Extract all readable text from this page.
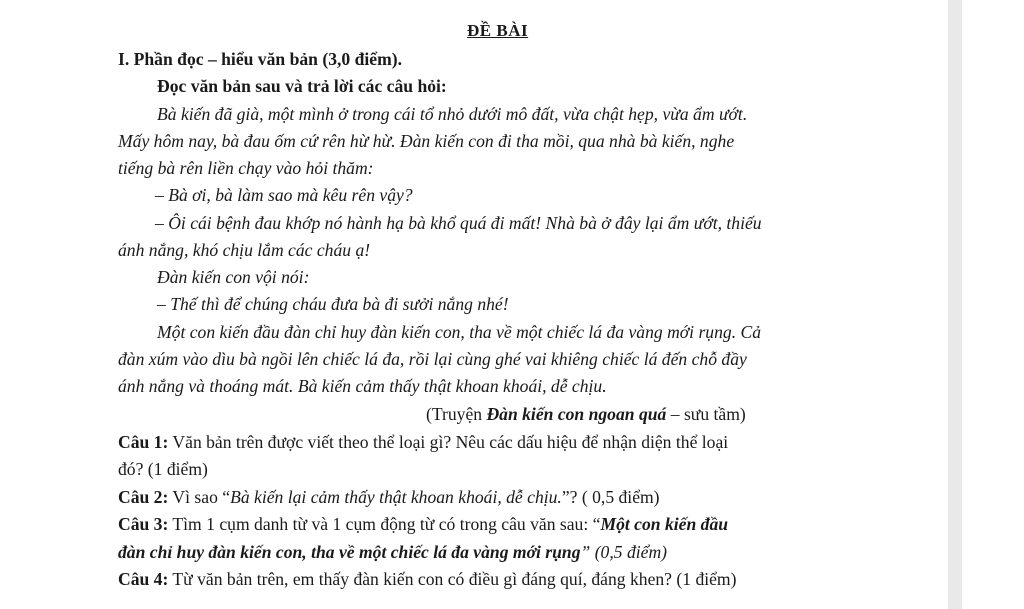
ĐỀ BÀI
I. Phần đọc – hiểu văn bản (3,0 điểm).
Đọc văn bản sau và trả lời các câu hỏi:
Bà kiến đã già, một mình ở trong cái tổ nhỏ dưới mô đất, vừa chật hẹp, vừa ẩm ướt.
Mấy hôm nay, bà đau ốm cứ rên hừ hừ. Đàn kiến con đi tha mồi, qua nhà bà kiến, nghe
tiếng bà rên liền chạy vào hỏi thăm:
– Bà ơi, bà làm sao mà kêu rên vậy?
– Ôi cái bệnh đau khớp nó hành hạ bà khổ quá đi mất! Nhà bà ở đây lại ẩm ướt, thiếu
ánh nắng, khó chịu lắm các cháu ạ!
Đàn kiến con vội nói:
– Thế thì để chúng cháu đưa bà đi sưởi nắng nhé!
Một con kiến đầu đàn chỉ huy đàn kiến con, tha về một chiếc lá đa vàng mới rụng. Cả
đàn xúm vào dìu bà ngồi lên chiếc lá đa, rồi lại cùng ghé vai khiêng chiếc lá đến chỗ đầy
ánh nắng và thoáng mát. Bà kiến cảm thấy thật khoan khoái, dễ chịu.
(Truyện Đàn kiến con ngoan quá – sưu tầm)
Câu 1: Văn bản trên được viết theo thể loại gì? Nêu các dấu hiệu để nhận diện thể loại
đó? (1 điểm)
Câu 2: Vì sao “Bà kiến lại cảm thấy thật khoan khoái, dễ chịu.”? ( 0,5 điểm)
Câu 3: Tìm 1 cụm danh từ và 1 cụm động từ có trong câu văn sau: “Một con kiến đầu
đàn chỉ huy đàn kiến con, tha về một chiếc lá đa vàng mới rụng” (0,5 điểm)
Câu 4: Từ văn bản trên, em thấy đàn kiến con có điều gì đáng quí, đáng khen? (1 điểm)
